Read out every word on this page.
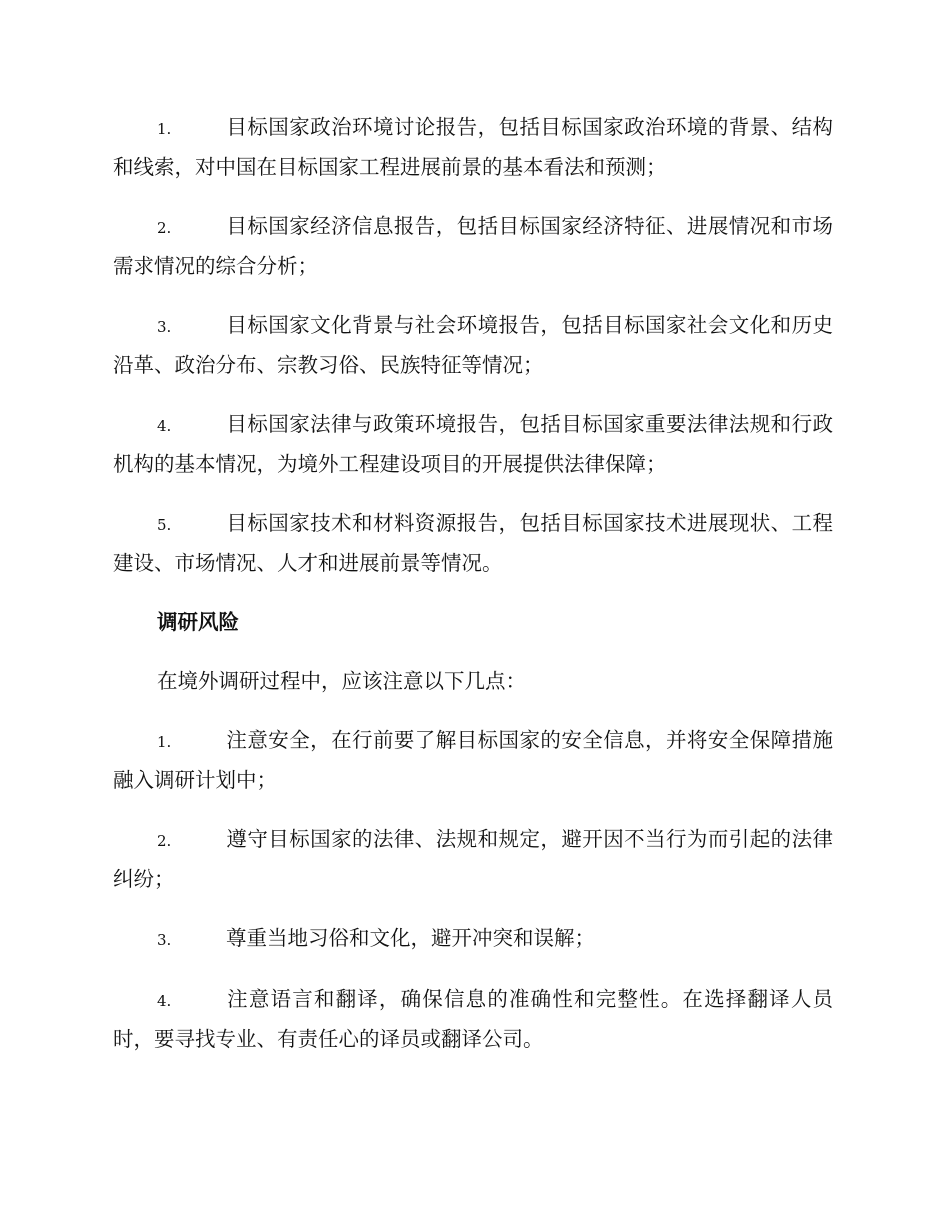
1.	目标国家政治环境讨论报告，包括目标国家政治环境的背景、结构和线索，对中国在目标国家工程进展前景的基本看法和预测；

2.	目标国家经济信息报告，包括目标国家经济特征、进展情况和市场需求情况的综合分析；

3.	目标国家文化背景与社会环境报告，包括目标国家社会文化和历史沿革、政治分布、宗教习俗、民族特征等情况；

4.	目标国家法律与政策环境报告，包括目标国家重要法律法规和行政机构的基本情况，为境外工程建设项目的开展提供法律保障；

5.	目标国家技术和材料资源报告，包括目标国家技术进展现状、工程建设、市场情况、人才和进展前景等情况。

调研风险

在境外调研过程中，应该注意以下几点：

1.	注意安全，在行前要了解目标国家的安全信息，并将安全保障措施融入调研计划中；

2.	遵守目标国家的法律、法规和规定，避开因不当行为而引起的法律纠纷；

3.	尊重当地习俗和文化，避开冲突和误解；

4.	注意语言和翻译，确保信息的准确性和完整性。在选择翻译人员时，要寻找专业、有责任心的译员或翻译公司。
